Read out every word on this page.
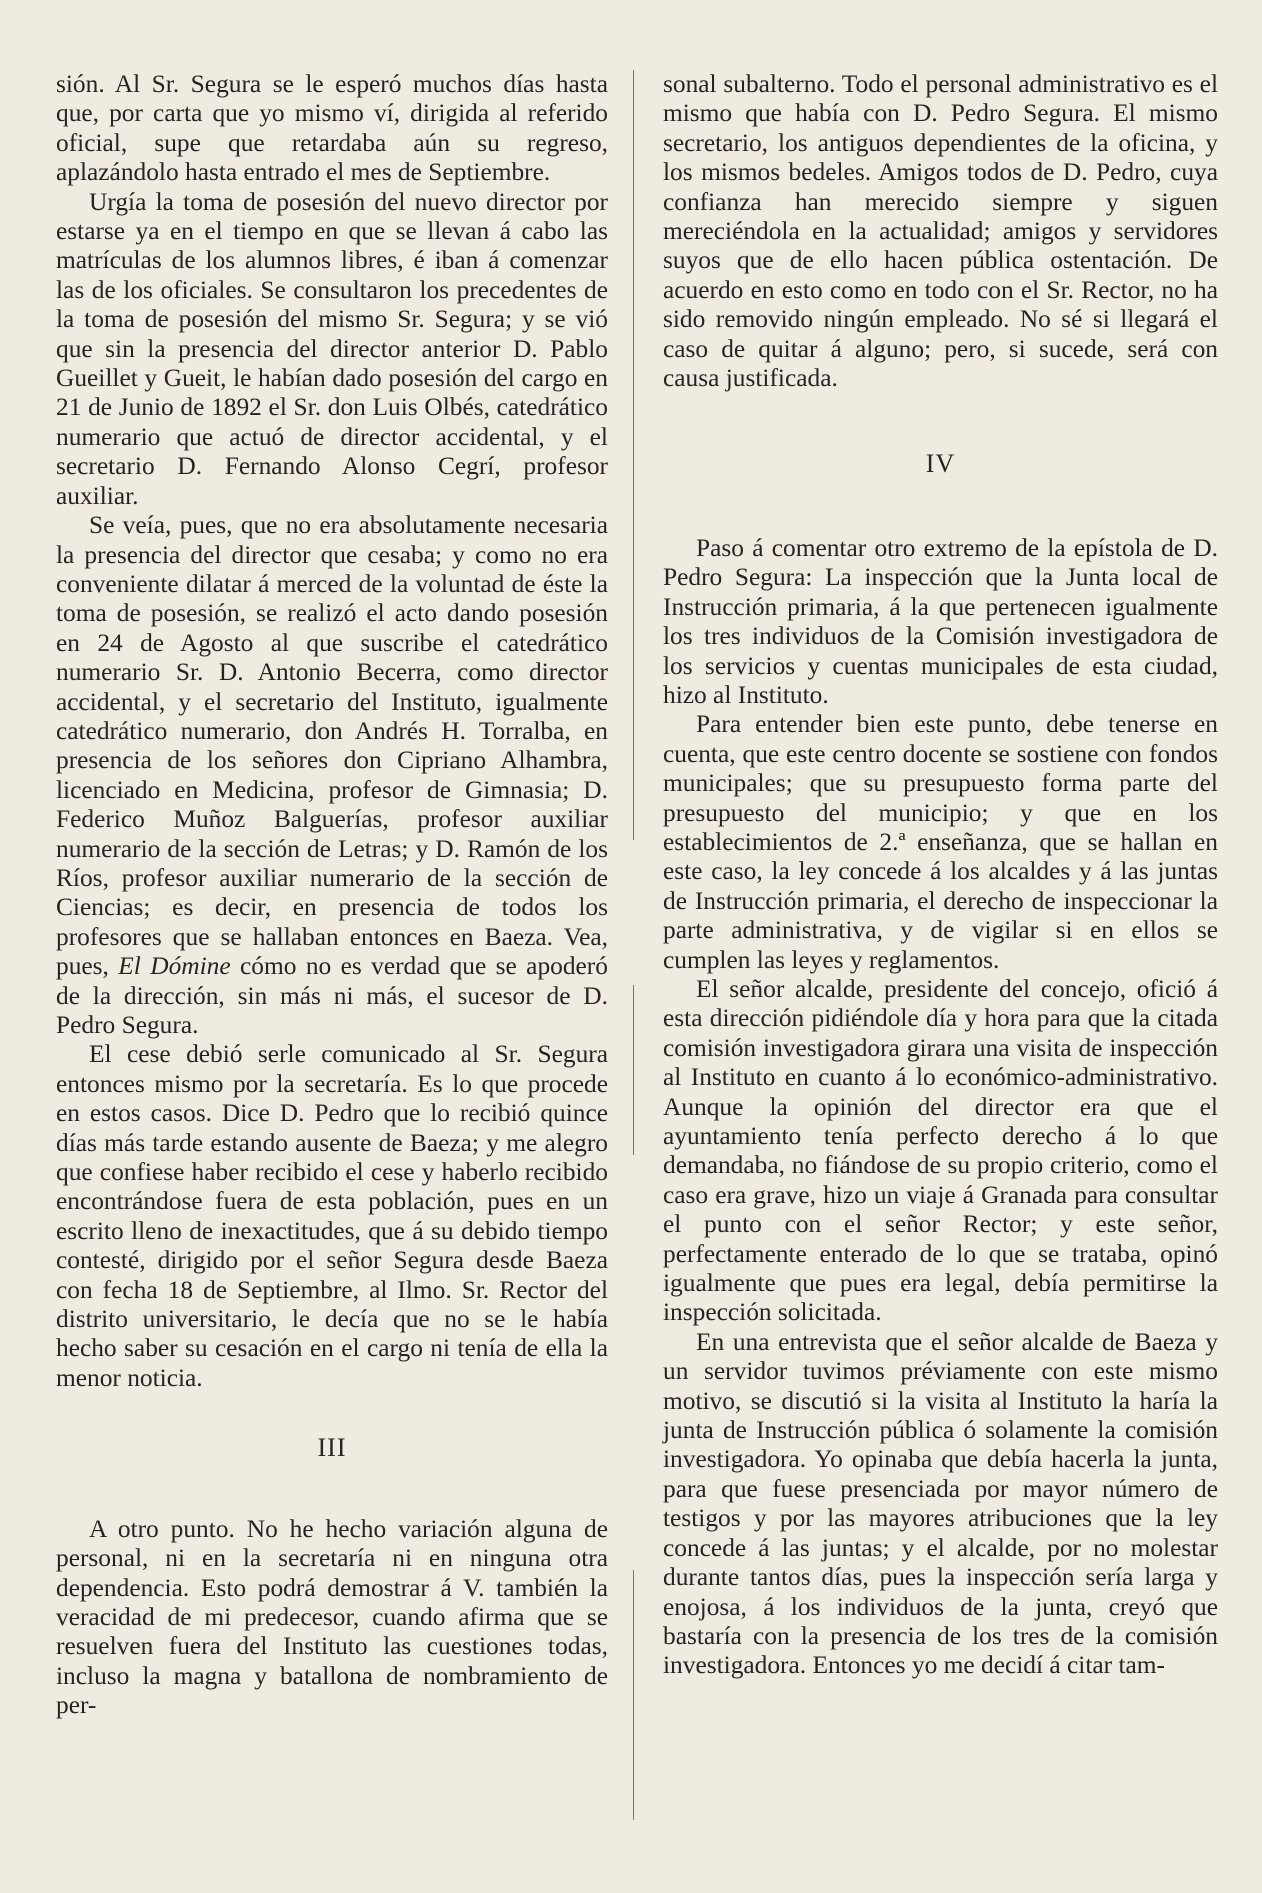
sión. Al Sr. Segura se le esperó muchos días hasta que, por carta que yo mismo ví, dirigida al referido oficial, supe que retardaba aún su regreso, aplazándolo hasta entrado el mes de Septiembre.

Urgía la toma de posesión del nuevo director por estarse ya en el tiempo en que se llevan á cabo las matrículas de los alumnos libres, é iban á comenzar las de los oficiales. Se consultaron los precedentes de la toma de posesión del mismo Sr. Segura; y se vió que sin la presencia del director anterior D. Pablo Gueillet y Gueit, le habían dado posesión del cargo en 21 de Junio de 1892 el Sr. don Luis Olbés, catedrático numerario que actuó de director accidental, y el secretario D. Fernando Alonso Cegrí, profesor auxiliar.

Se veía, pues, que no era absolutamente necesaria la presencia del director que cesaba; y como no era conveniente dilatar á merced de la voluntad de éste la toma de posesión, se realizó el acto dando posesión en 24 de Agosto al que suscribe el catedrático numerario Sr. D. Antonio Becerra, como director accidental, y el secretario del Instituto, igualmente catedrático numerario, don Andrés H. Torralba, en presencia de los señores don Cipriano Alhambra, licenciado en Medicina, profesor de Gimnasia; D. Federico Muñoz Balguerías, profesor auxiliar numerario de la sección de Letras; y D. Ramón de los Ríos, profesor auxiliar numerario de la sección de Ciencias; es decir, en presencia de todos los profesores que se hallaban entonces en Baeza. Vea, pues, El Dómine cómo no es verdad que se apoderó de la dirección, sin más ni más, el sucesor de D. Pedro Segura.

El cese debió serle comunicado al Sr. Segura entonces mismo por la secretaría. Es lo que procede en estos casos. Dice D. Pedro que lo recibió quince días más tarde estando ausente de Baeza; y me alegro que confiese haber recibido el cese y haberlo recibido encontrándose fuera de esta población, pues en un escrito lleno de inexactitudes, que á su debido tiempo contesté, dirigido por el señor Segura desde Baeza con fecha 18 de Septiembre, al Ilmo. Sr. Rector del distrito universitario, le decía que no se le había hecho saber su cesación en el cargo ni tenía de ella la menor noticia.

III

A otro punto. No he hecho variación alguna de personal, ni en la secretaría ni en ninguna otra dependencia. Esto podrá demostrar á V. también la veracidad de mi predecesor, cuando afirma que se resuelven fuera del Instituto las cuestiones todas, incluso la magna y batallona de nombramiento de per-

sonal subalterno. Todo el personal administrativo es el mismo que había con D. Pedro Segura. El mismo secretario, los antiguos dependientes de la oficina, y los mismos bedeles. Amigos todos de D. Pedro, cuya confianza han merecido siempre y siguen mereciéndola en la actualidad; amigos y servidores suyos que de ello hacen pública ostentación. De acuerdo en esto como en todo con el Sr. Rector, no ha sido removido ningún empleado. No sé si llegará el caso de quitar á alguno; pero, si sucede, será con causa justificada.

IV

Paso á comentar otro extremo de la epístola de D. Pedro Segura: La inspección que la Junta local de Instrucción primaria, á la que pertenecen igualmente los tres individuos de la Comisión investigadora de los servicios y cuentas municipales de esta ciudad, hizo al Instituto.

Para entender bien este punto, debe tenerse en cuenta, que este centro docente se sostiene con fondos municipales; que su presupuesto forma parte del presupuesto del municipio; y que en los establecimientos de 2.ª enseñanza, que se hallan en este caso, la ley concede á los alcaldes y á las juntas de Instrucción primaria, el derecho de inspeccionar la parte administrativa, y de vigilar si en ellos se cumplen las leyes y reglamentos.

El señor alcalde, presidente del concejo, ofició á esta dirección pidiéndole día y hora para que la citada comisión investigadora girara una visita de inspección al Instituto en cuanto á lo económico-administrativo. Aunque la opinión del director era que el ayuntamiento tenía perfecto derecho á lo que demandaba, no fiándose de su propio criterio, como el caso era grave, hizo un viaje á Granada para consultar el punto con el señor Rector; y este señor, perfectamente enterado de lo que se trataba, opinó igualmente que pues era legal, debía permitirse la inspección solicitada.

En una entrevista que el señor alcalde de Baeza y un servidor tuvimos préviamente con este mismo motivo, se discutió si la visita al Instituto la haría la junta de Instrucción pública ó solamente la comisión investigadora. Yo opinaba que debía hacerla la junta, para que fuese presenciada por mayor número de testigos y por las mayores atribuciones que la ley concede á las juntas; y el alcalde, por no molestar durante tantos días, pues la inspección sería larga y enojosa, á los individuos de la junta, creyó que bastaría con la presencia de los tres de la comisión investigadora. Entonces yo me decidí á citar tam-
